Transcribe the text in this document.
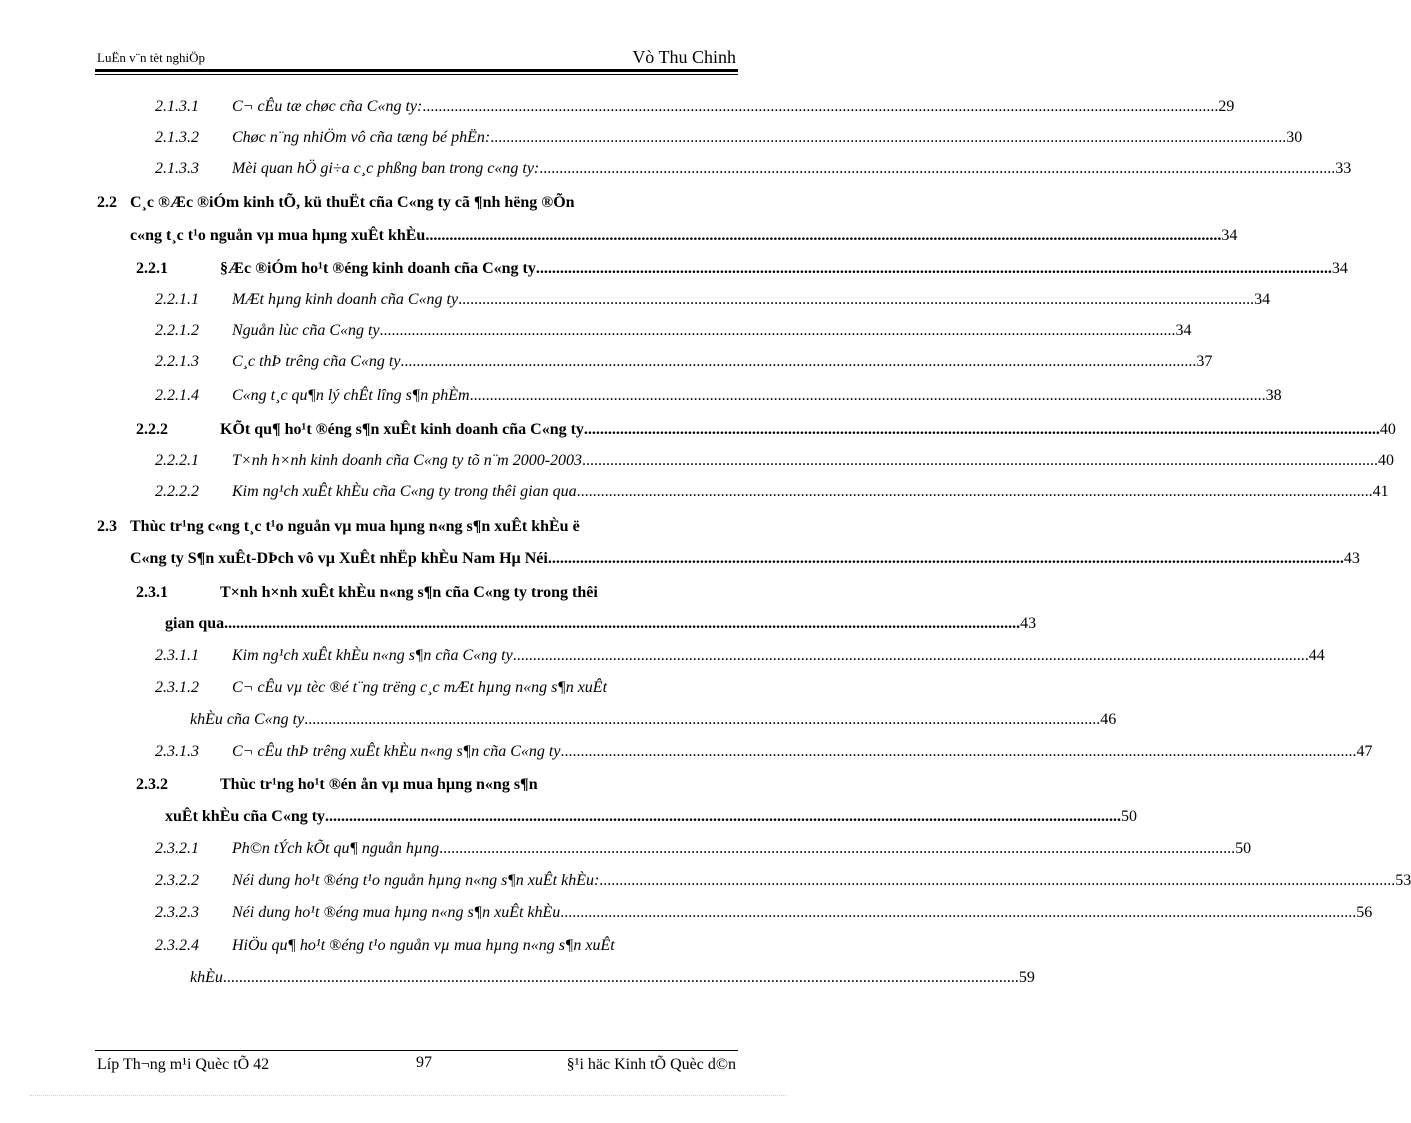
LuËn v¨n tèt nghiÖp	Vò Thu Chinh
2.1.3.1 C¬ cÊu tæ chøc cña C«ng ty: ....................................................................................................................................................................................................... 29
2.1.3.2 Chøc n¨ng nhiÖm vô cña tæng bé phËn: ....................................................................................................................................................................................................... 30
2.1.3.3 Mèi quan hÖ gi÷a c¸c phßng ban trong c«ng ty: ....................................................................................................................................................................................................... 33
2.2 C¸c ®Æc ®iÓm kinh tÕ, kü thuËt cña C«ng ty cã ¶nh hëng ®Õn
c«ng t¸c t¹o nguån vµ mua hµng xuÊt khÈu ....................................................................................................................................................................................................... 34
2.2.1	§Æc ®iÓm ho¹t ®éng kinh doanh cña C«ng ty ....................................................................................................................................................................................................... 34
2.2.1.1 MÆt hµng kinh doanh cña C«ng ty ....................................................................................................................................................................................................... 34
2.2.1.2 Nguån lùc cña C«ng ty ....................................................................................................................................................................................................... 34
2.2.1.3 C¸c thÞ trêng cña C«ng ty ....................................................................................................................................................................................................... 37
2.2.1.4 C«ng t¸c qu¶n lý chÊt lîng s¶n phÈm ....................................................................................................................................................................................................... 38
2.2.2	KÕt qu¶ ho¹t ®éng s¶n xuÊt kinh doanh cña C«ng ty ....................................................................................................................................................................................................... 40
2.2.2.1 T×nh h×nh kinh doanh cña C«ng ty tõ n¨m 2000-2003 ....................................................................................................................................................................................................... 40
2.2.2.2 Kim ng¹ch xuÊt khÈu cña C«ng ty trong thêi gian qua ....................................................................................................................................................................................................... 41
2.3 Thùc tr¹ng c«ng t¸c t¹o nguån vµ mua hµng n«ng s¶n xuÊt khÈu ë
C«ng ty S¶n xuÊt-DÞch vô vµ XuÊt nhËp khÈu Nam Hµ Néi ....................................................................................................................................................................................................... 43
2.3.1	T×nh h×nh xuÊt khÈu n«ng s¶n cña C«ng ty trong thêi
gian qua ....................................................................................................................................................................................................... 43
2.3.1.1 Kim ng¹ch xuÊt khÈu n«ng s¶n cña C«ng ty ....................................................................................................................................................................................................... 44
2.3.1.2 C¬ cÊu vµ tèc ®é t¨ng trëng c¸c mÆt hµng n«ng s¶n xuÊt
khÈu cña C«ng ty ....................................................................................................................................................................................................... 46
2.3.1.3 C¬ cÊu thÞ trêng xuÊt khÈu n«ng s¶n cña C«ng ty ....................................................................................................................................................................................................... 47
2.3.2	Thùc tr¹ng ho¹t ®én ån vµ mua hµng n«ng s¶n
xuÊt khÈu cña C«ng ty ....................................................................................................................................................................................................... 50
2.3.2.1 Ph©n tÝch kÕt qu¶ nguån hµng ....................................................................................................................................................................................................... 50
2.3.2.2 Néi dung ho¹t ®éng t¹o nguån hµng n«ng s¶n xuÊt khÈu: ....................................................................................................................................................................................................... 53
2.3.2.3 Néi dung ho¹t ®éng mua hµng n«ng s¶n xuÊt khÈu ....................................................................................................................................................................................................... 56
2.3.2.4 HiÖu qu¶ ho¹t ®éng t¹o nguån vµ mua hµng n«ng s¶n xuÊt
khÈu ....................................................................................................................................................................................................... 59
Líp Th¬ng m¹i Quèc tÕ 42	97	§¹i häc Kinh tÕ Quèc d©n
